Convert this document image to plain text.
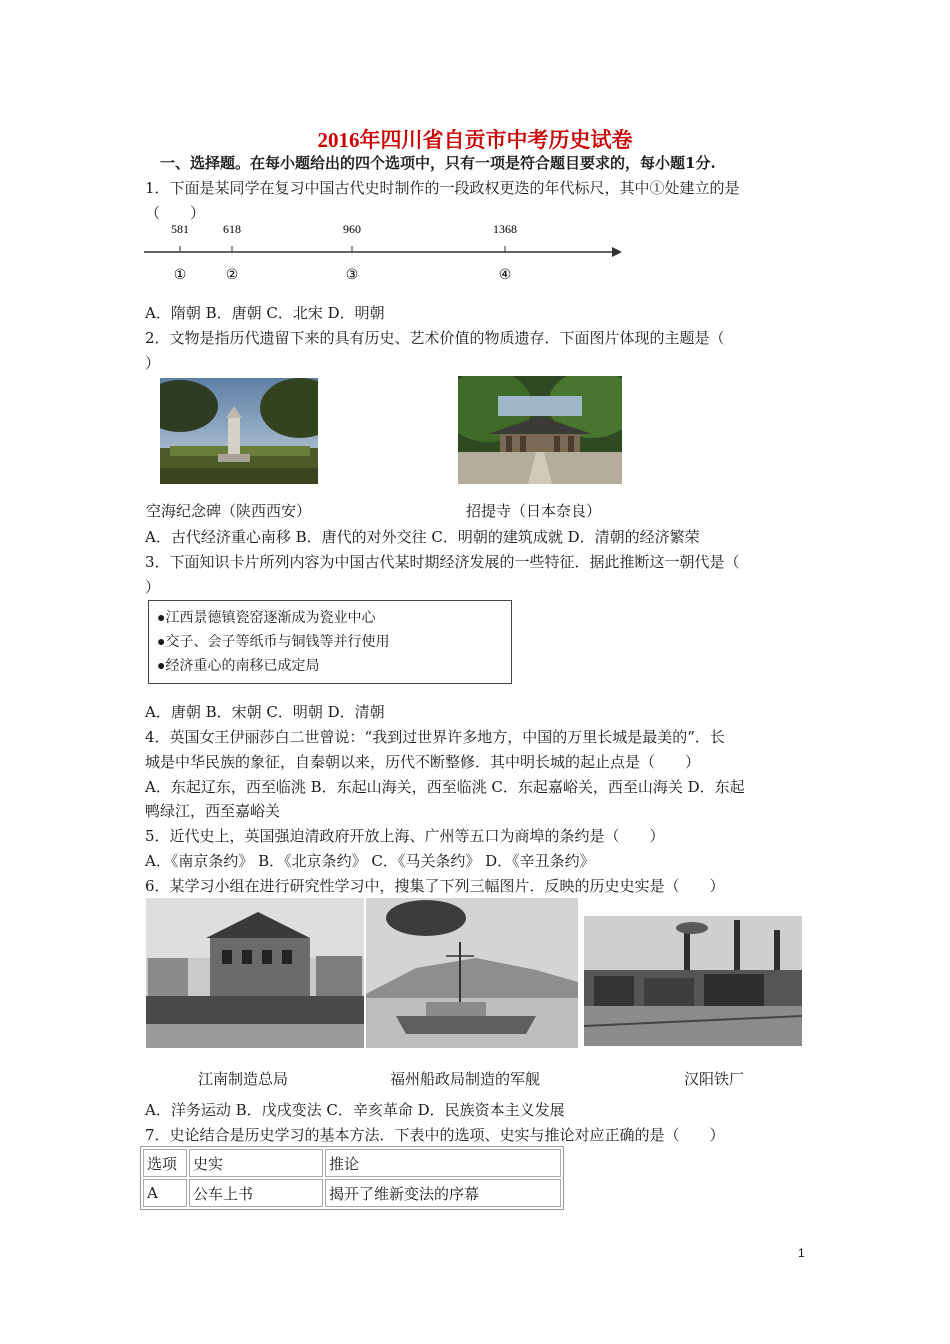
2016年四川省自贡市中考历史试卷
一、选择题。在每小题给出的四个选项中，只有一项是符合题目要求的，每小题1分.
1．下面是某同学在复习中国古代史时制作的一段政权更迭的年代标尺，其中①处建立的是
（　　）
581	618	960	1368
①	②	③	④
A．隋朝 B．唐朝 C．北宋 D．明朝
2．文物是指历代遗留下来的具有历史、艺术价值的物质遗存．下面图片体现的主题是（
）
空海纪念碑（陕西西安）	招提寺（日本奈良）
A．古代经济重心南移 B．唐代的对外交往 C．明朝的建筑成就 D．清朝的经济繁荣
3．下面知识卡片所列内容为中国古代某时期经济发展的一些特征．据此推断这一朝代是（
）
●江西景德镇瓷窑逐渐成为瓷业中心
●交子、会子等纸币与铜钱等并行使用
●经济重心的南移已成定局
A．唐朝 B．宋朝 C．明朝 D．清朝
4．英国女王伊丽莎白二世曾说：“我到过世界许多地方，中国的万里长城是最美的”．长
城是中华民族的象征，自秦朝以来，历代不断整修．其中明长城的起止点是（　　）
A．东起辽东，西至临洮 B．东起山海关，西至临洮 C．东起嘉峪关，西至山海关 D．东起
鸭绿江，西至嘉峪关
5．近代史上，英国强迫清政府开放上海、广州等五口为商埠的条约是（　　）
A．《南京条约》 B．《北京条约》 C．《马关条约》 D．《辛丑条约》
6．某学习小组在进行研究性学习中，搜集了下列三幅图片．反映的历史史实是（　　）
江南制造总局	福州船政局制造的军舰	汉阳铁厂
A．洋务运动 B．戊戌变法 C．辛亥革命 D．民族资本主义发展
7．史论结合是历史学习的基本方法．下表中的选项、史实与推论对应正确的是（　　）
选项	史实	推论
A	公车上书	揭开了维新变法的序幕
1
